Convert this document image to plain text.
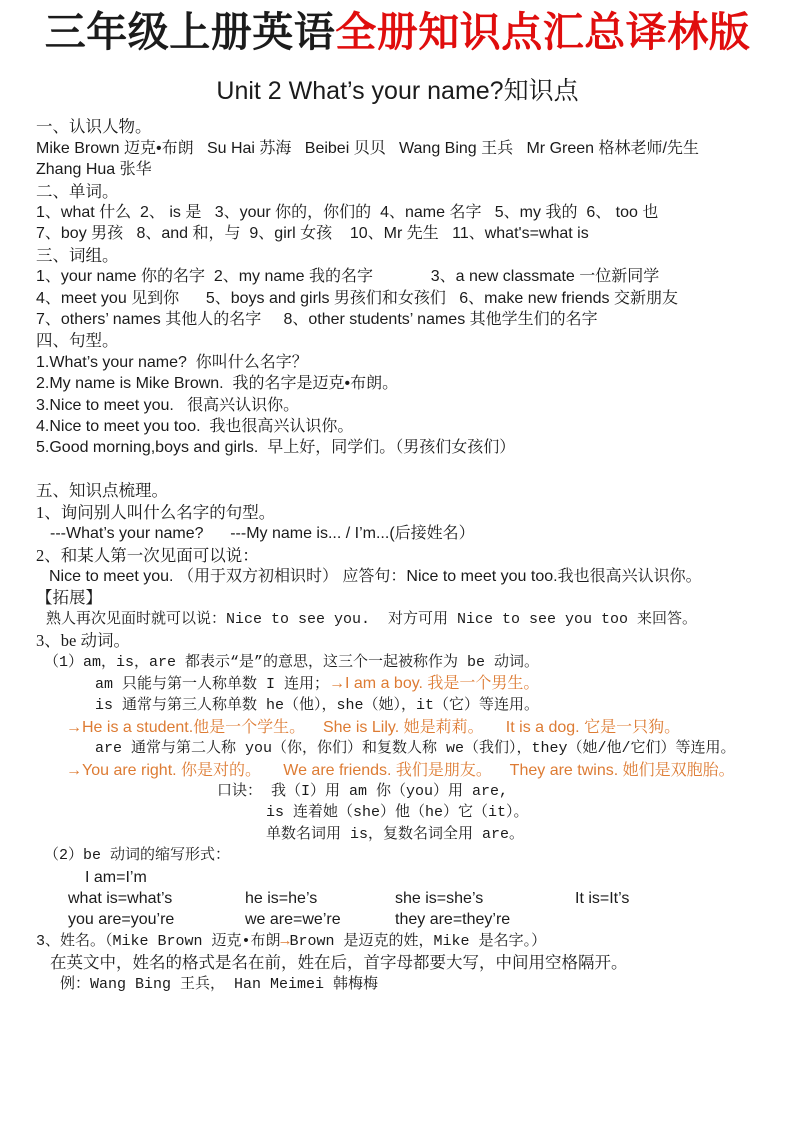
三年级上册英语全册知识点汇总译林版
Unit 2 What’s your name?知识点
一、认识人物。
Mike Brown 迈克•布朗   Su Hai 苏海   Beibei 贝贝   Wang Bing 王兵   Mr Green 格林老师/先生
Zhang Hua 张华
二、单词。
1、what 什么  2、 is 是   3、your 你的，你们的  4、name 名字   5、my 我的  6、 too 也
7、boy 男孩   8、and 和，与  9、girl 女孩    10、Mr 先生   11、what's=what is
三、词组。
1、your name 你的名字  2、my name 我的名字             3、a new classmate 一位新同学
4、meet you 见到你      5、boys and girls 男孩们和女孩们   6、make new friends 交新朋友
7、others’ names 其他人的名字     8、other students’ names 其他学生们的名字
四、句型。
1.What’s your name?  你叫什么名字？
2.My name is Mike Brown.  我的名字是迈克•布朗。
3.Nice to meet you.   很高兴认识你。
4.Nice to meet you too.  我也很高兴认识你。
5.Good morning,boys and girls.  早上好，同学们。（男孩们女孩们）

五、知识点梳理。
1、询问别人叫什么名字的句型。
---What’s your name?      ---My name is... / I’m...(后接姓名）
2、和某人第一次见面可以说：
Nice to meet you. （用于双方初相识时） 应答句：Nice to meet you too.我也很高兴认识你。
【拓展】
熟人再次见面时就可以说：Nice to see you.  对方可用 Nice to see you too 来回答。
3、be 动词。
（1）am，is，are 都表示“是”的意思，这三个一起被称作为 be 动词。
am 只能与第一人称单数 I 连用；→I am a boy. 我是一个男生。
is 通常与第三人称单数 he（他），she（她），it（它）等连用。
→He is a student.他是一个学生。    She is Lily. 她是莉莉。     It is a dog. 它是一只狗。
are 通常与第二人称 you（你，你们）和复数人称 we（我们），they（她/他/它们）等连用。
→You are right. 你是对的。     We are friends. 我们是朋友。    They are twins. 她们是双胞胎。
口诀： 我（I）用 am 你（you）用 are,
is 连着她（she）他（he）它（it）。
单数名词用 is，复数名词全用 are。
（2）be 动词的缩写形式：
I am=I’m
what is=what’s	he is=he’s	she is=she’s	It is=It’s
you are=you’re	we are=we’re	they are=they’re
3、姓名。（Mike Brown 迈克•布朗→Brown 是迈克的姓，Mike 是名字。）
在英文中，姓名的格式是名在前，姓在后，首字母都要大写，中间用空格隔开。
例：Wang Bing 王兵， Han Meimei 韩梅梅
